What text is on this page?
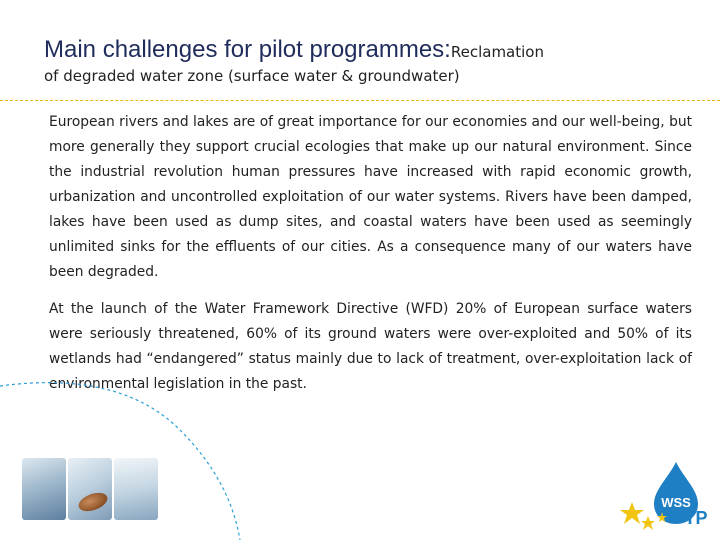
Main challenges for pilot programmes:Reclamation
of degraded water zone (surface water & groundwater)

European rivers and lakes are of great importance for our economies and our well-being, but more generally they support crucial ecologies that make up our natural environment. Since the industrial revolution human pressures have increased with rapid economic growth, urbanization and uncontrolled exploitation of our water systems. Rivers have been damped, lakes have been used as dump sites, and coastal waters have been used as seemingly unlimited sinks for the effluents of our cities. As a consequence many of our waters have been degraded.

At the launch of the Water Framework Directive (WFD) 20% of European surface waters were seriously threatened, 60% of its ground waters were over-exploited and 50% of its wetlands had “endangered” status mainly due to lack of treatment, over-exploitation lack of environmental legislation in the past.

WSS
TP
